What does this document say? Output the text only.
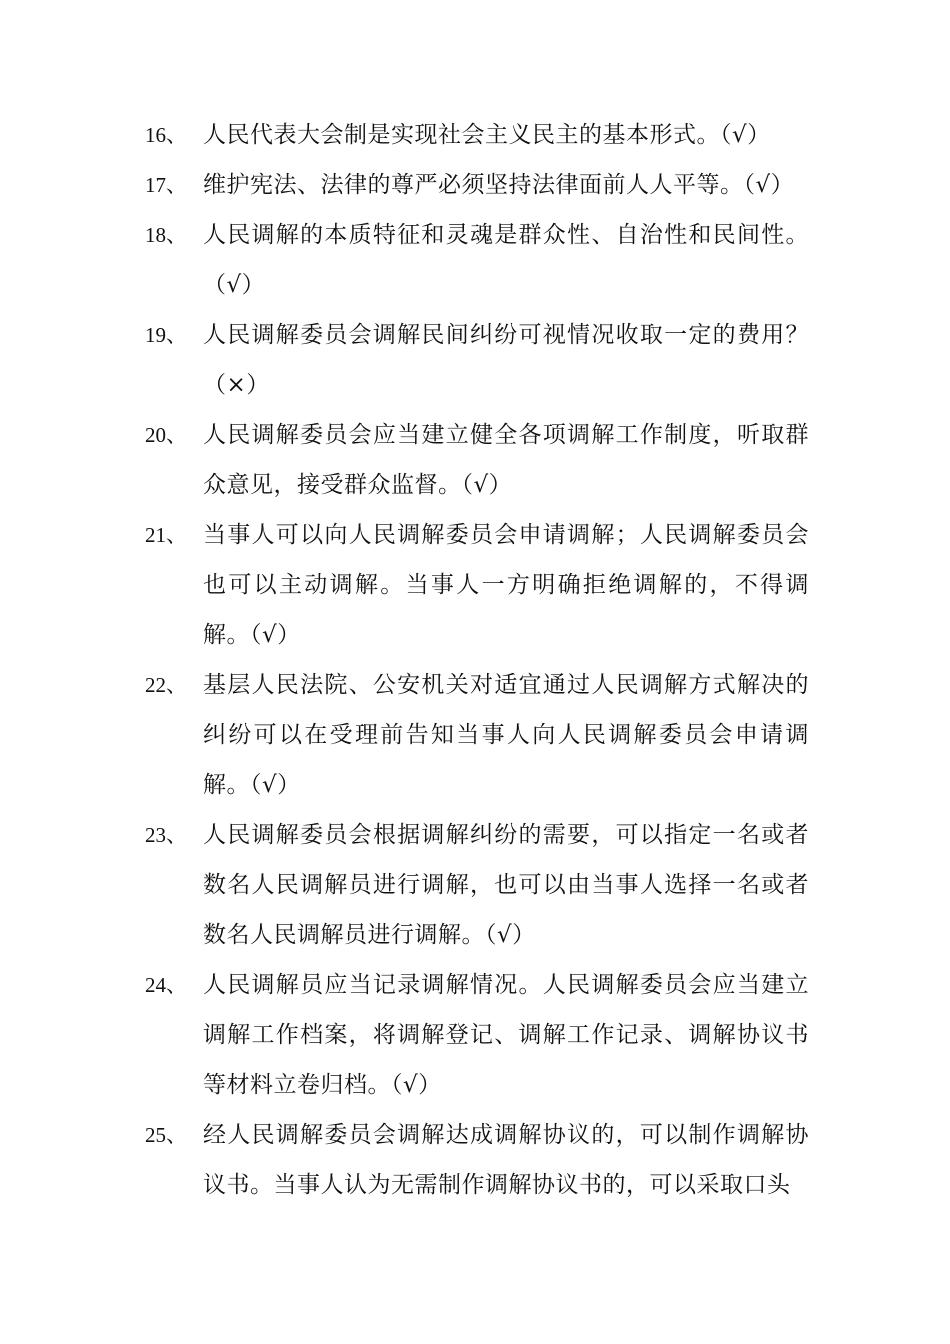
16、 人民代表大会制是实现社会主义民主的基本形式。（√）
17、 维护宪法、法律的尊严必须坚持法律面前人人平等。（√）
18、 人民调解的本质特征和灵魂是群众性、自治性和民间性。（√）
19、 人民调解委员会调解民间纠纷可视情况收取一定的费用？（×）
20、 人民调解委员会应当建立健全各项调解工作制度，听取群众意见，接受群众监督。（√）
21、 当事人可以向人民调解委员会申请调解；人民调解委员会也可以主动调解。当事人一方明确拒绝调解的，不得调解。（√）
22、 基层人民法院、公安机关对适宜通过人民调解方式解决的纠纷可以在受理前告知当事人向人民调解委员会申请调解。（√）
23、 人民调解委员会根据调解纠纷的需要，可以指定一名或者数名人民调解员进行调解，也可以由当事人选择一名或者数名人民调解员进行调解。（√）
24、 人民调解员应当记录调解情况。人民调解委员会应当建立调解工作档案，将调解登记、调解工作记录、调解协议书等材料立卷归档。（√）
25、 经人民调解委员会调解达成调解协议的，可以制作调解协议书。当事人认为无需制作调解协议书的，可以采取口头
